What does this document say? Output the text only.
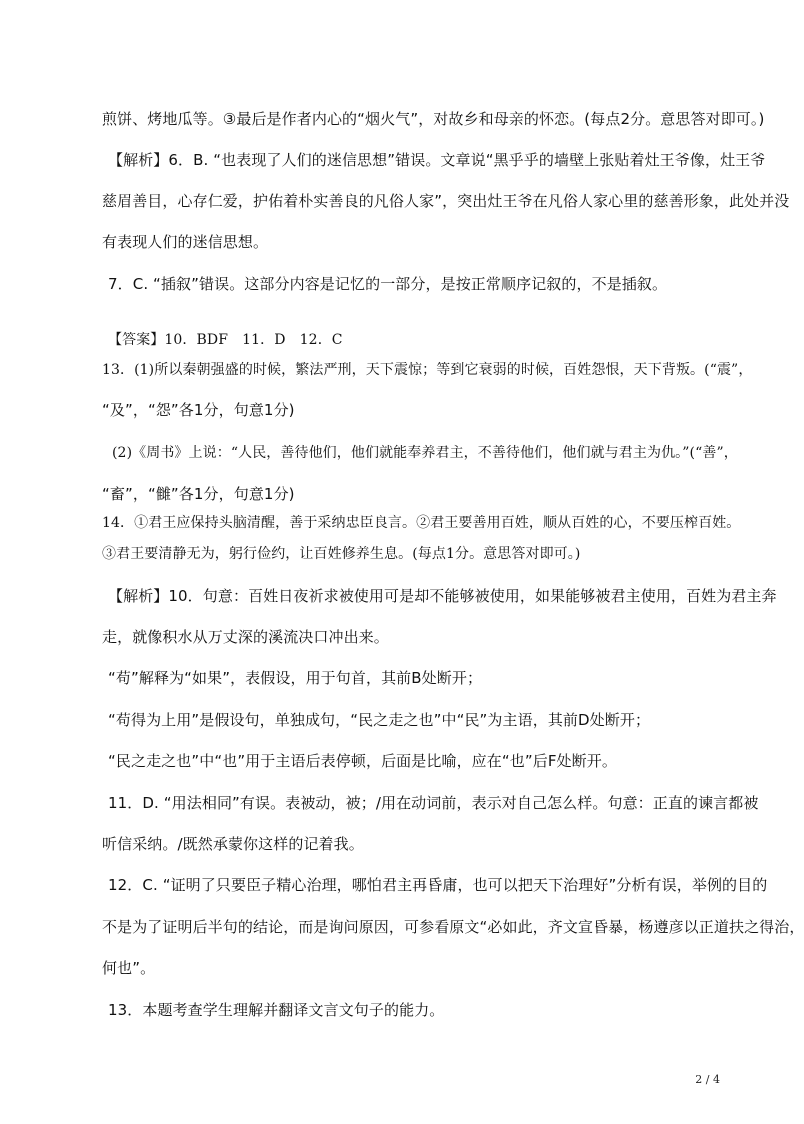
煎饼、烤地瓜等。③最后是作者内心的“烟火气”，对故乡和母亲的怀恋。(每点2分。意思答对即可。)
【解析】6．B. “也表现了人们的迷信思想”错误。文章说“黑乎乎的墙壁上张贴着灶王爷像，灶王爷
慈眉善目，心存仁爱，护佑着朴实善良的凡俗人家”，突出灶王爷在凡俗人家心里的慈善形象，此处并没
有表现人们的迷信思想。
7．C. “插叙”错误。这部分内容是记忆的一部分，是按正常顺序记叙的，不是插叙。
【答案】10．BDF　11．D　12．C
13．(1)所以秦朝强盛的时候，繁法严刑，天下震惊；等到它衰弱的时候，百姓怨恨，天下背叛。(“震”，
“及”，“怨”各1分，句意1分)
(2)《周书》上说：“人民，善待他们，他们就能奉养君主，不善待他们，他们就与君主为仇。”(“善”，
“畜”，“雠”各1分，句意1分)
14．①君王应保持头脑清醒，善于采纳忠臣良言。②君王要善用百姓，顺从百姓的心，不要压榨百姓。
③君王要清静无为，躬行俭约，让百姓修养生息。(每点1分。意思答对即可。)
【解析】10．句意：百姓日夜祈求被使用可是却不能够被使用，如果能够被君主使用，百姓为君主奔
走，就像积水从万丈深的溪流决口冲出来。
“苟”解释为“如果”，表假设，用于句首，其前B处断开；
“苟得为上用”是假设句，单独成句，“民之走之也”中“民”为主语，其前D处断开；
“民之走之也”中“也”用于主语后表停顿，后面是比喻，应在“也”后F处断开。
11．D. “用法相同”有误。表被动，被；/用在动词前，表示对自己怎么样。句意：正直的谏言都被
听信采纳。/既然承蒙你这样的记着我。
12．C. “证明了只要臣子精心治理，哪怕君主再昏庸，也可以把天下治理好”分析有误，举例的目的
不是为了证明后半句的结论，而是询问原因，可参看原文“必如此，齐文宣昏暴，杨遵彦以正道扶之得治，
何也”。
13．本题考查学生理解并翻译文言文句子的能力。
2 / 4
